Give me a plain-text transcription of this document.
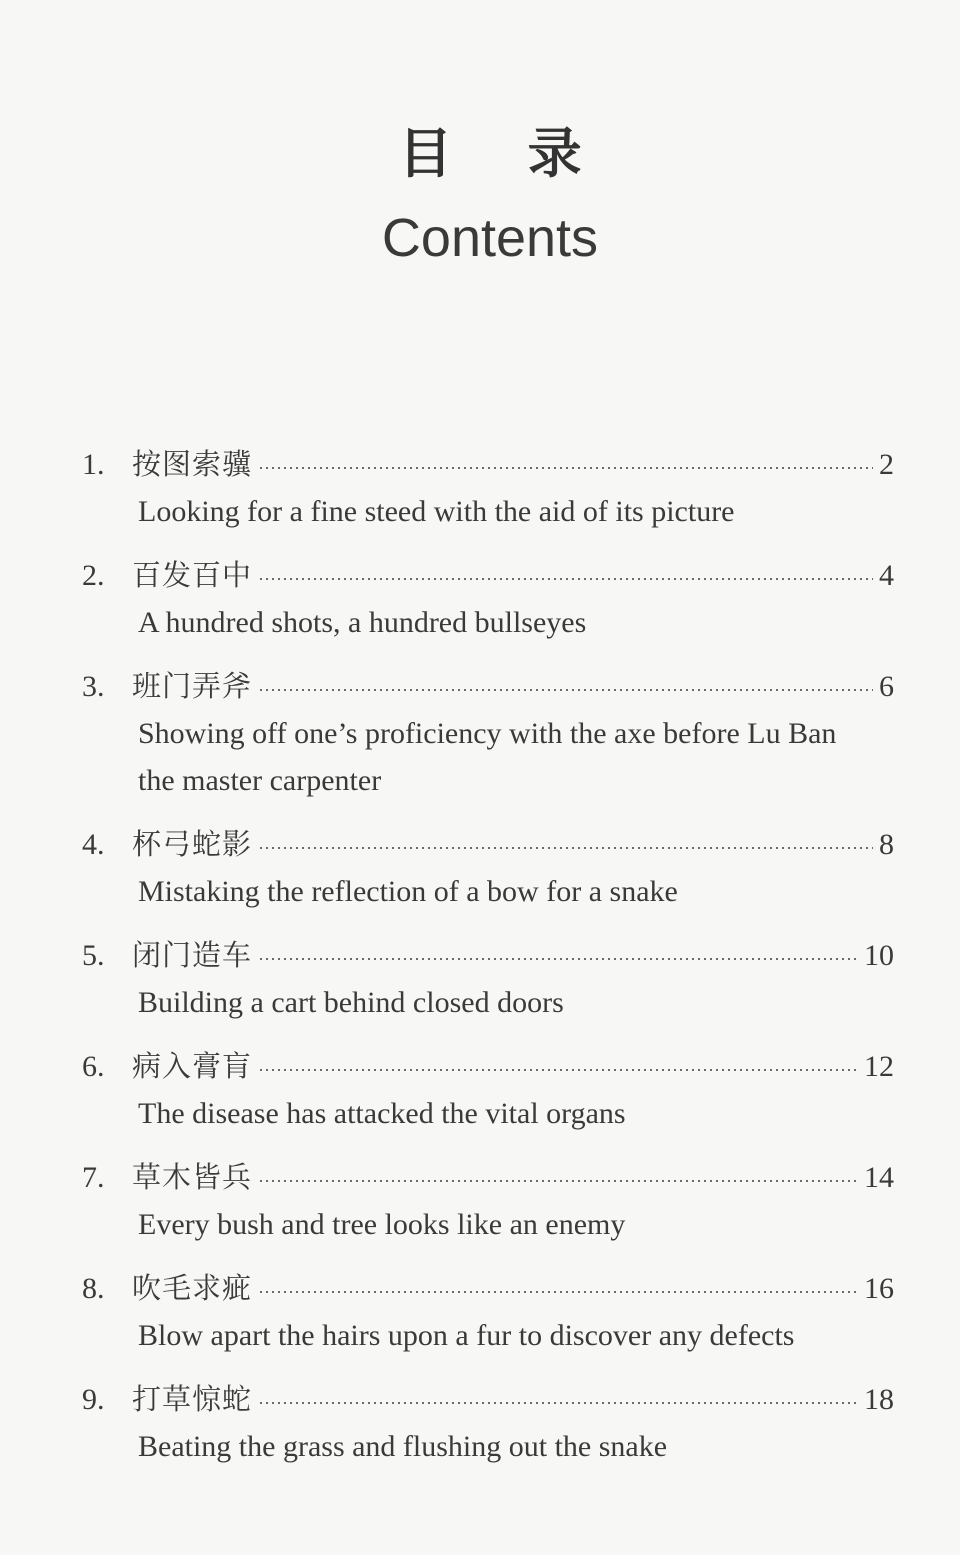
目    录
Contents
1. 按图索骥	2
Looking for a fine steed with the aid of its picture
2. 百发百中	4
A hundred shots, a hundred bullseyes
3. 班门弄斧	6
Showing off one’s proficiency with the axe before Lu Ban the master carpenter
4. 杯弓蛇影	8
Mistaking the reflection of a bow for a snake
5. 闭门造车	10
Building a cart behind closed doors
6. 病入膏肓	12
The disease has attacked the vital organs
7. 草木皆兵	14
Every bush and tree looks like an enemy
8. 吹毛求疵	16
Blow apart the hairs upon a fur to discover any defects
9. 打草惊蛇	18
Beating the grass and flushing out the snake
